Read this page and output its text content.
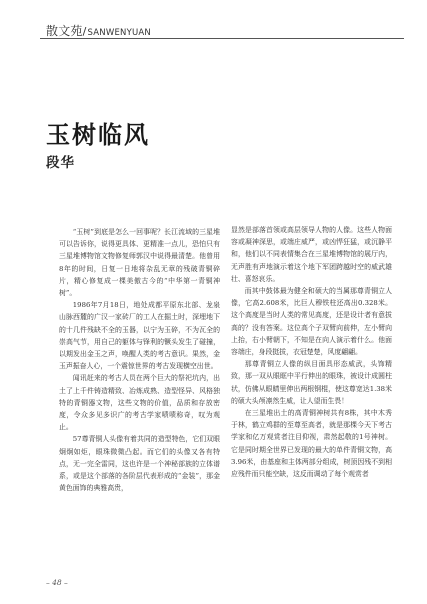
散文苑/SANWENYUAN
玉树临风
段华

“玉树”到底是怎么一回事呢？长江流域的三星堆可以告诉你，说得更具体、更精准一点儿，恐怕只有三星堆博物馆文物修复师郭汉中说得最清楚。他曾用8年的时间，日复一日地将杂乱无章的残破青铜碎片，精心修复成一棵美傲古今的“中华第一青铜神树”。

1986年7月18日，地处成都平原东北部、龙泉山脉西麓的广汉一家砖厂的工人在掘土时，深埋地下的十几件残缺不全的玉器，以宁为玉碎，不为瓦全的崇高气节，用自己的躯体与锋利的镢头发生了碰撞，以期发出金玉之声，唤醒人类的考古意识。果然，金玉声振奋人心，一个震惊世界的考古发现横空出世。

闻讯赶来的考古人员在两个巨大的祭祀坑内，出土了上千件铸造精致、冶炼成熟、造型怪异、风格独特的青铜器文物，这些文物的价值，品质和存放密度，令众多见多识广的考古学家啧啧称奇，叹为观止。

57尊青铜人头像有着共同的造型特色，它们双眼炯炯如炬，眼珠微微凸起。而它们的头像又各有特点，无一完全雷同，这也许是一个神秘部族的立体谱系，或是这个部落的各阶层代表形成的“金装”，那金黄色面饰的典雅高贵，

显然是部落首领或高层领导人物的人像。这些人物面容或凝神深思，或端庄威严，或凶悍狂猛，或沉静平和，他们以不同表情集合在三星堆博物馆的展厅内，无声胜有声地演示着这个地下军团跨越时空的威武雄壮、喜怒哀乐。

而其中鼓体最为健全和硕大的当属那尊青铜立人像，它高2.608米，比巨人穆铁柱还高出0.328米。这个高度是当时人类的常见高度，还是设计者有意拔高的？没有答案。这位高个子双臂向前伸，左小臂向上抬，右小臂朝下，不知是在向人演示着什么。他面容端庄，身段挺拔，衣冠楚楚，风度翩翩。

那尊青铜立人像的纵目面具形态威武，头饰精致，那一双从眼眶中平行伸出的眼珠，被设计成圆柱状，仿佛从眼睛里伸出两根钢棍，使这尊宽达1.38米的硕大头颅凛然生威，让人望而生畏！

在三星堆出土的高青铜神树共有8株，其中木秀于林，鹤立鸡群的至尊至高者，就是那棵今天下考古学家和亿万观赏者注目仰视，肃然起敬的1号神树。它是同时期全世界已发现的最大的单件青铜文物，高3.96米，由基座和主体两部分组成，树顶因残不到相应残件而只能空缺，这反而调动了每个观赏者

– 48 –
